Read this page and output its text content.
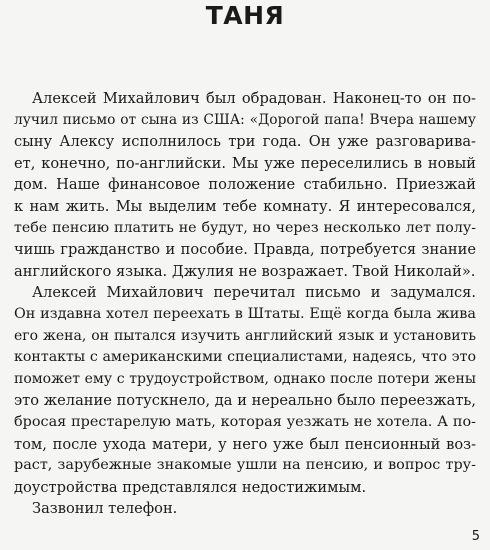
ТАНЯ
Алексей Михайлович был обрадован. Наконец-то он по-
лучил письмо от сына из США: «Дорогой папа! Вчера нашему
сыну Алексу исполнилось три года. Он уже разговарива-
ет, конечно, по-английски. Мы уже переселились в новый
дом. Наше финансовое положение стабильно. Приезжай
к нам жить. Мы выделим тебе комнату. Я интересовался,
тебе пенсию платить не будут, но через несколько лет полу-
чишь гражданство и пособие. Правда, потребуется знание
английского языка. Джулия не возражает. Твой Николай».
Алексей Михайлович перечитал письмо и задумался.
Он издавна хотел переехать в Штаты. Ещё когда была жива
его жена, он пытался изучить английский язык и установить
контакты с американскими специалистами, надеясь, что это
поможет ему с трудоустройством, однако после потери жены
это желание потускнело, да и нереально было переезжать,
бросая престарелую мать, которая уезжать не хотела. А по-
том, после ухода матери, у него уже был пенсионный воз-
раст, зарубежные знакомые ушли на пенсию, и вопрос тру-
доустройства представлялся недостижимым.
Зазвонил телефон.
5
